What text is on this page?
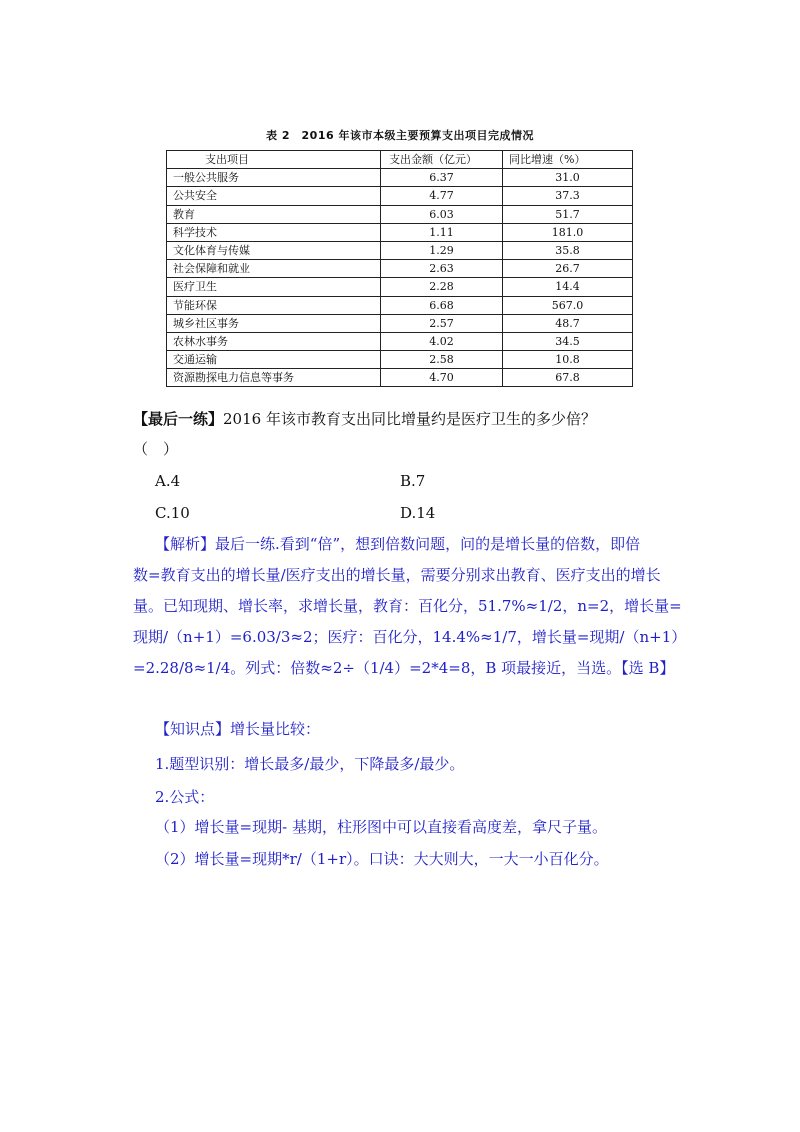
表 2　2016 年该市本级主要预算支出项目完成情况
支出项目	支出金额（亿元）	同比增速（%）
一般公共服务	6.37	31.0
公共安全	4.77	37.3
教育	6.03	51.7
科学技术	1.11	181.0
文化体育与传媒	1.29	35.8
社会保障和就业	2.63	26.7
医疗卫生	2.28	14.4
节能环保	6.68	567.0
城乡社区事务	2.57	48.7
农林水事务	4.02	34.5
交通运输	2.58	10.8
资源勘探电力信息等事务	4.70	67.8
【最后一练】2016 年该市教育支出同比增量约是医疗卫生的多少倍？
（　）
A.4	B.7
C.10	D.14
【解析】最后一练.看到“倍”，想到倍数问题，问的是增长量的倍数，即倍
数=教育支出的增长量/医疗支出的增长量，需要分别求出教育、医疗支出的增长
量。已知现期、增长率，求增长量，教育：百化分，51.7%≈1/2，n=2，增长量=
现期/（n+1）=6.03/3≈2；医疗：百化分，14.4%≈1/7，增长量=现期/（n+1）
=2.28/8≈1/4。列式：倍数≈2÷（1/4）=2*4=8，B 项最接近，当选。【选 B】
【知识点】增长量比较：
1.题型识别：增长最多/最少，下降最多/最少。
2.公式：
（1）增长量=现期- 基期，柱形图中可以直接看高度差，拿尺子量。
（2）增长量=现期*r/（1+r）。口诀：大大则大，一大一小百化分。
